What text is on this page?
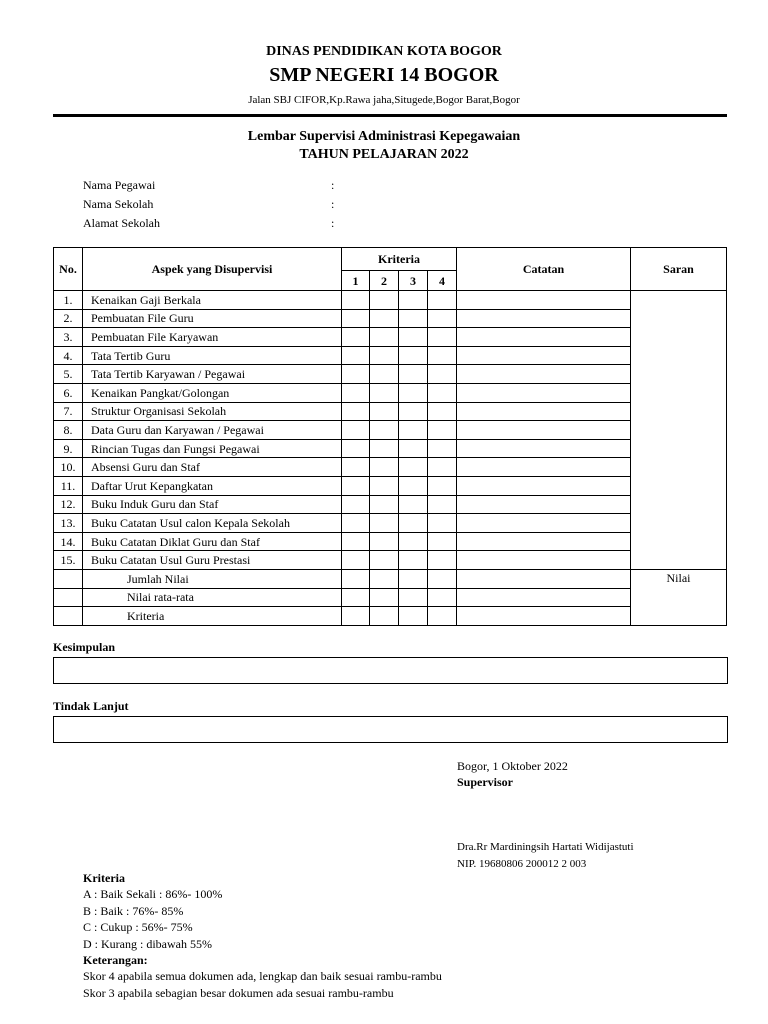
DINAS PENDIDIKAN KOTA BOGOR
SMP NEGERI 14 BOGOR
Jalan SBJ CIFOR,Kp.Rawa jaha,Situgede,Bogor Barat,Bogor
Lembar Supervisi Administrasi Kepegawaian
TAHUN PELAJARAN 2022
Nama Pegawai	:
Nama Sekolah	:
Alamat Sekolah	:
No.	Aspek yang Disupervisi	Kriteria				Catatan	Saran
		1	2	3	4		
1.	Kenaikan Gaji Berkala						
2.	Pembuatan File Guru						
3.	Pembuatan File Karyawan						
4.	Tata Tertib Guru						
5.	Tata Tertib Karyawan / Pegawai						
6.	Kenaikan Pangkat/Golongan						
7.	Struktur Organisasi Sekolah						
8.	Data Guru dan Karyawan / Pegawai						
9.	Rincian Tugas dan Fungsi Pegawai						
10.	Absensi Guru dan Staf						
11.	Daftar Urut Kepangkatan						
12.	Buku Induk Guru dan Staf						
13.	Buku Catatan Usul calon Kepala Sekolah						
14.	Buku Catatan Diklat Guru dan Staf						
15.	Buku Catatan Usul Guru Prestasi						
	Jumlah Nilai						Nilai
	Nilai rata-rata						
	Kriteria						
Kesimpulan
Tindak Lanjut
Bogor, 1 Oktober 2022
Supervisor
Dra.Rr Mardiningsih Hartati Widijastuti
NIP. 19680806 200012 2 003
Kriteria
A : Baik Sekali : 86%- 100%
B : Baik : 76%- 85%
C : Cukup : 56%- 75%
D : Kurang : dibawah 55%
Keterangan:
Skor 4 apabila semua dokumen ada, lengkap dan baik sesuai rambu-rambu
Skor 3 apabila sebagian besar dokumen ada sesuai rambu-rambu
